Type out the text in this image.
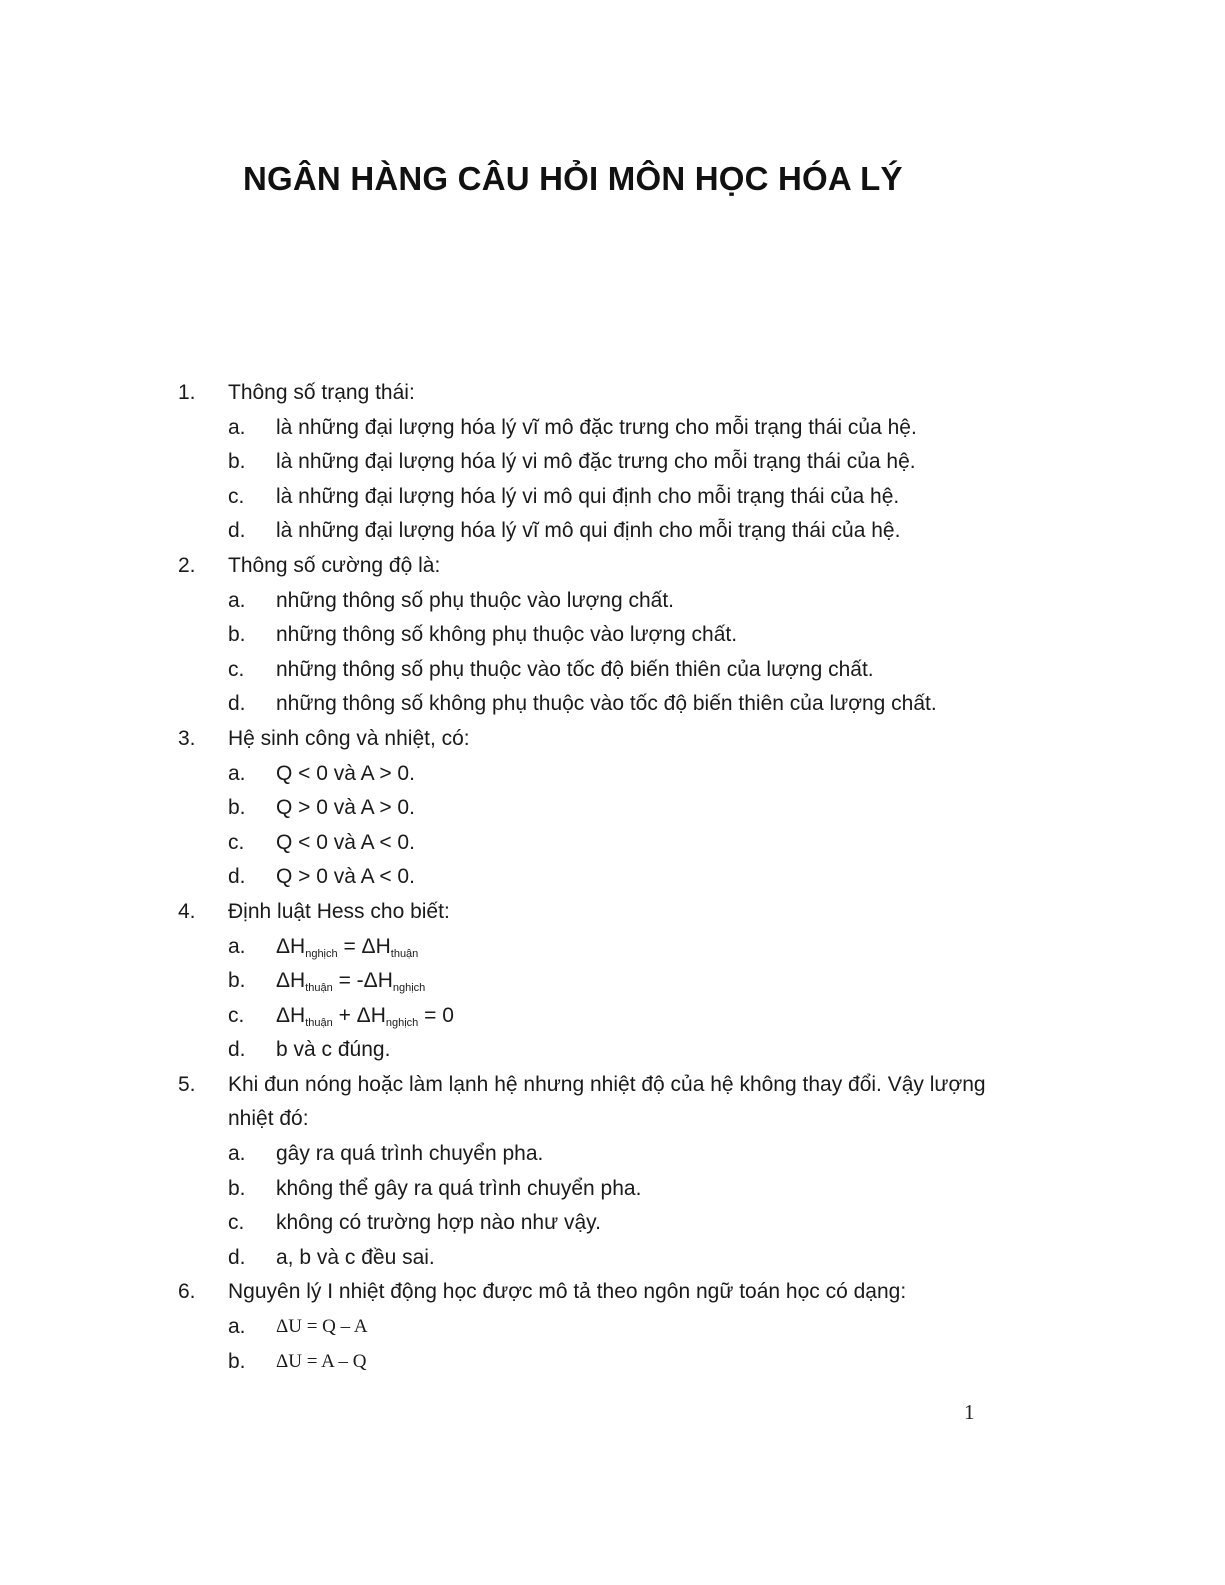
NGÂN HÀNG CÂU HỎI MÔN HỌC HÓA LÝ
1.	Thông số trạng thái:
a.	là những đại lượng hóa lý vĩ mô đặc trưng cho mỗi trạng thái của hệ.
b.	là những đại lượng hóa lý vi mô đặc trưng cho mỗi trạng thái của hệ.
c.	là những đại lượng hóa lý vi mô qui định cho mỗi trạng thái của hệ.
d.	là những đại lượng hóa lý vĩ mô qui định cho mỗi trạng thái của hệ.
2.	Thông số cường độ là:
a.	những thông số phụ thuộc vào lượng chất.
b.	những thông số không phụ thuộc vào lượng chất.
c.	những thông số phụ thuộc vào tốc độ biến thiên của lượng chất.
d.	những thông số không phụ thuộc vào tốc độ biến thiên của lượng chất.
3.	Hệ sinh công và nhiệt, có:
a.	Q < 0 và A > 0.
b.	Q > 0 và A > 0.
c.	Q < 0 và A < 0.
d.	Q > 0 và A < 0.
4.	Định luật Hess cho biết:
a.	$\Delta H_{nghịch} = \Delta H_{thuận}$
b.	$\Delta H_{thuận} = -\Delta H_{nghịch}$
c.	$\Delta H_{thuận} + \Delta H_{nghịch} = 0$
d.	b và c đúng.
5.	Khi đun nóng hoặc làm lạnh hệ nhưng nhiệt độ của hệ không thay đổi. Vậy lượng nhiệt đó:
a.	gây ra quá trình chuyển pha.
b.	không thể gây ra quá trình chuyển pha.
c.	không có trường hợp nào như vậy.
d.	a, b và c đều sai.
6.	Nguyên lý I nhiệt động học được mô tả theo ngôn ngữ toán học có dạng:
a.	ΔU = Q – A
b.	ΔU = A – Q
1
